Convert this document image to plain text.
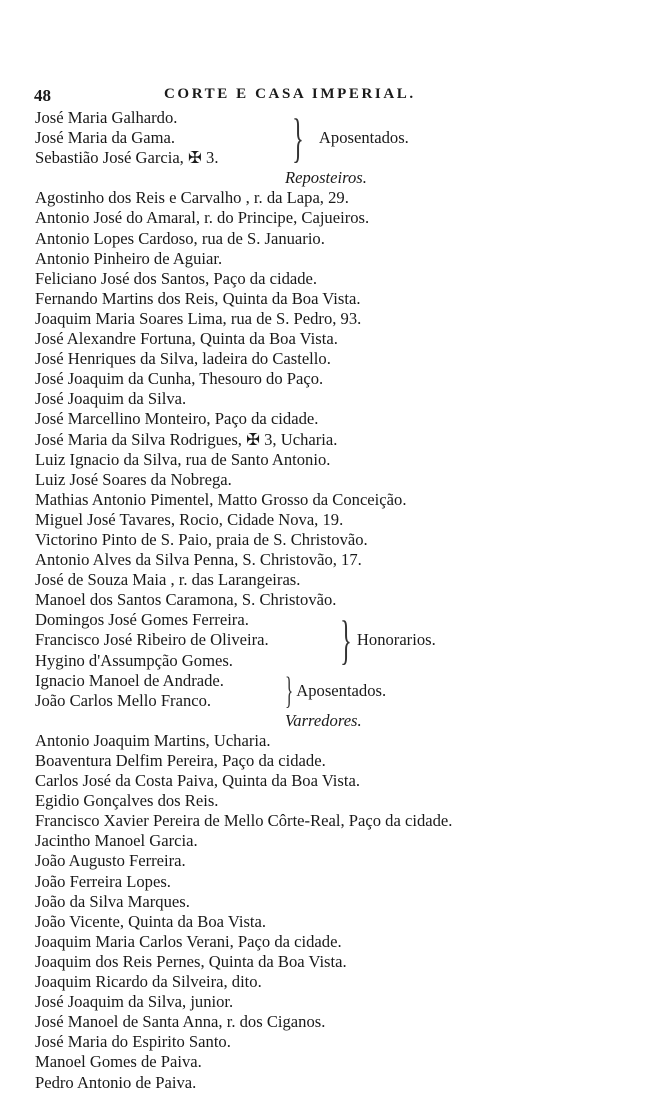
48	CORTE E CASA IMPERIAL.
José Maria Galhardo.
José Maria da Gama.
Sebastião José Garcia, ✠ 3. } Aposentados.
Reposteiros.
Agostinho dos Reis e Carvalho , r. da Lapa, 29.
Antonio José do Amaral, r. do Principe, Cajueiros.
Antonio Lopes Cardoso, rua de S. Januario.
Antonio Pinheiro de Aguiar.
Feliciano José dos Santos, Paço da cidade.
Fernando Martins dos Reis, Quinta da Boa Vista.
Joaquim Maria Soares Lima, rua de S. Pedro, 93.
José Alexandre Fortuna, Quinta da Boa Vista.
José Henriques da Silva, ladeira do Castello.
José Joaquim da Cunha, Thesouro do Paço.
José Joaquim da Silva.
José Marcellino Monteiro, Paço da cidade.
José Maria da Silva Rodrigues, ✠ 3, Ucharia.
Luiz Ignacio da Silva, rua de Santo Antonio.
Luiz José Soares da Nobrega.
Mathias Antonio Pimentel, Matto Grosso da Conceição.
Miguel José Tavares, Rocio, Cidade Nova, 19.
Victorino Pinto de S. Paio, praia de S. Christovão.
Antonio Alves da Silva Penna, S. Christovão, 17.
José de Souza Maia , r. das Larangeiras.
Manoel dos Santos Caramona, S. Christovão.
Domingos José Gomes Ferreira.
Francisco José Ribeiro de Oliveira.
Hygino d'Assumpção Gomes.	} Honorarios.
Ignacio Manoel de Andrade.
João Carlos Mello Franco.	} Aposentados.
Varredores.
Antonio Joaquim Martins, Ucharia.
Boaventura Delfim Pereira, Paço da cidade.
Carlos José da Costa Paiva, Quinta da Boa Vista.
Egidio Gonçalves dos Reis.
Francisco Xavier Pereira de Mello Côrte-Real, Paço da cidade.
Jacintho Manoel Garcia.
João Augusto Ferreira.
João Ferreira Lopes.
João da Silva Marques.
João Vicente, Quinta da Boa Vista.
Joaquim Maria Carlos Verani, Paço da cidade.
Joaquim dos Reis Pernes, Quinta da Boa Vista.
Joaquim Ricardo da Silveira, dito.
José Joaquim da Silva, junior.
José Manoel de Santa Anna, r. dos Ciganos.
José Maria do Espirito Santo.
Manoel Gomes de Paiva.
Pedro Antonio de Paiva.
